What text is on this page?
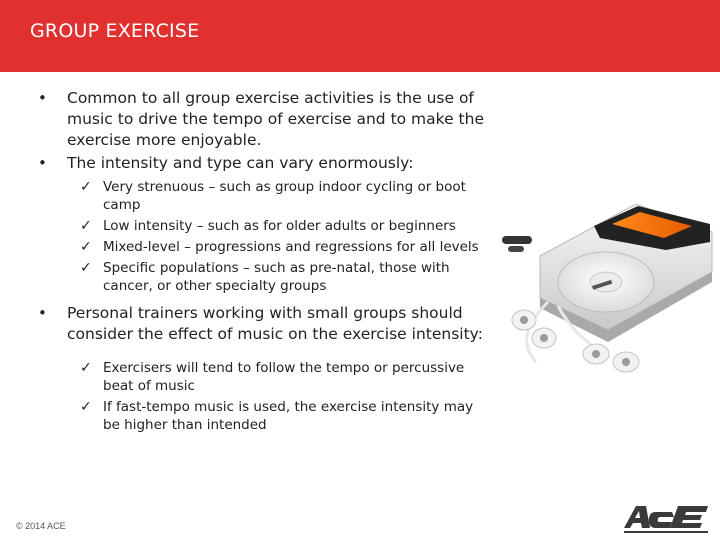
GROUP EXERCISE
•	Common to all group exercise activities is the use of music to drive the tempo of exercise and to make the exercise more enjoyable.
•	The intensity and type can vary enormously:
✓ Very strenuous – such as group indoor cycling or boot camp
✓ Low intensity – such as for older adults or beginners
✓ Mixed-level – progressions and regressions for all levels
✓ Specific populations – such as pre-natal, those with cancer, or other specialty groups
•	Personal trainers working with small groups should consider the effect of music on the exercise intensity:
✓ Exercisers will tend to follow the tempo or percussive beat of music
✓ If fast-tempo music is used, the exercise intensity may be higher than intended
© 2014 ACE
